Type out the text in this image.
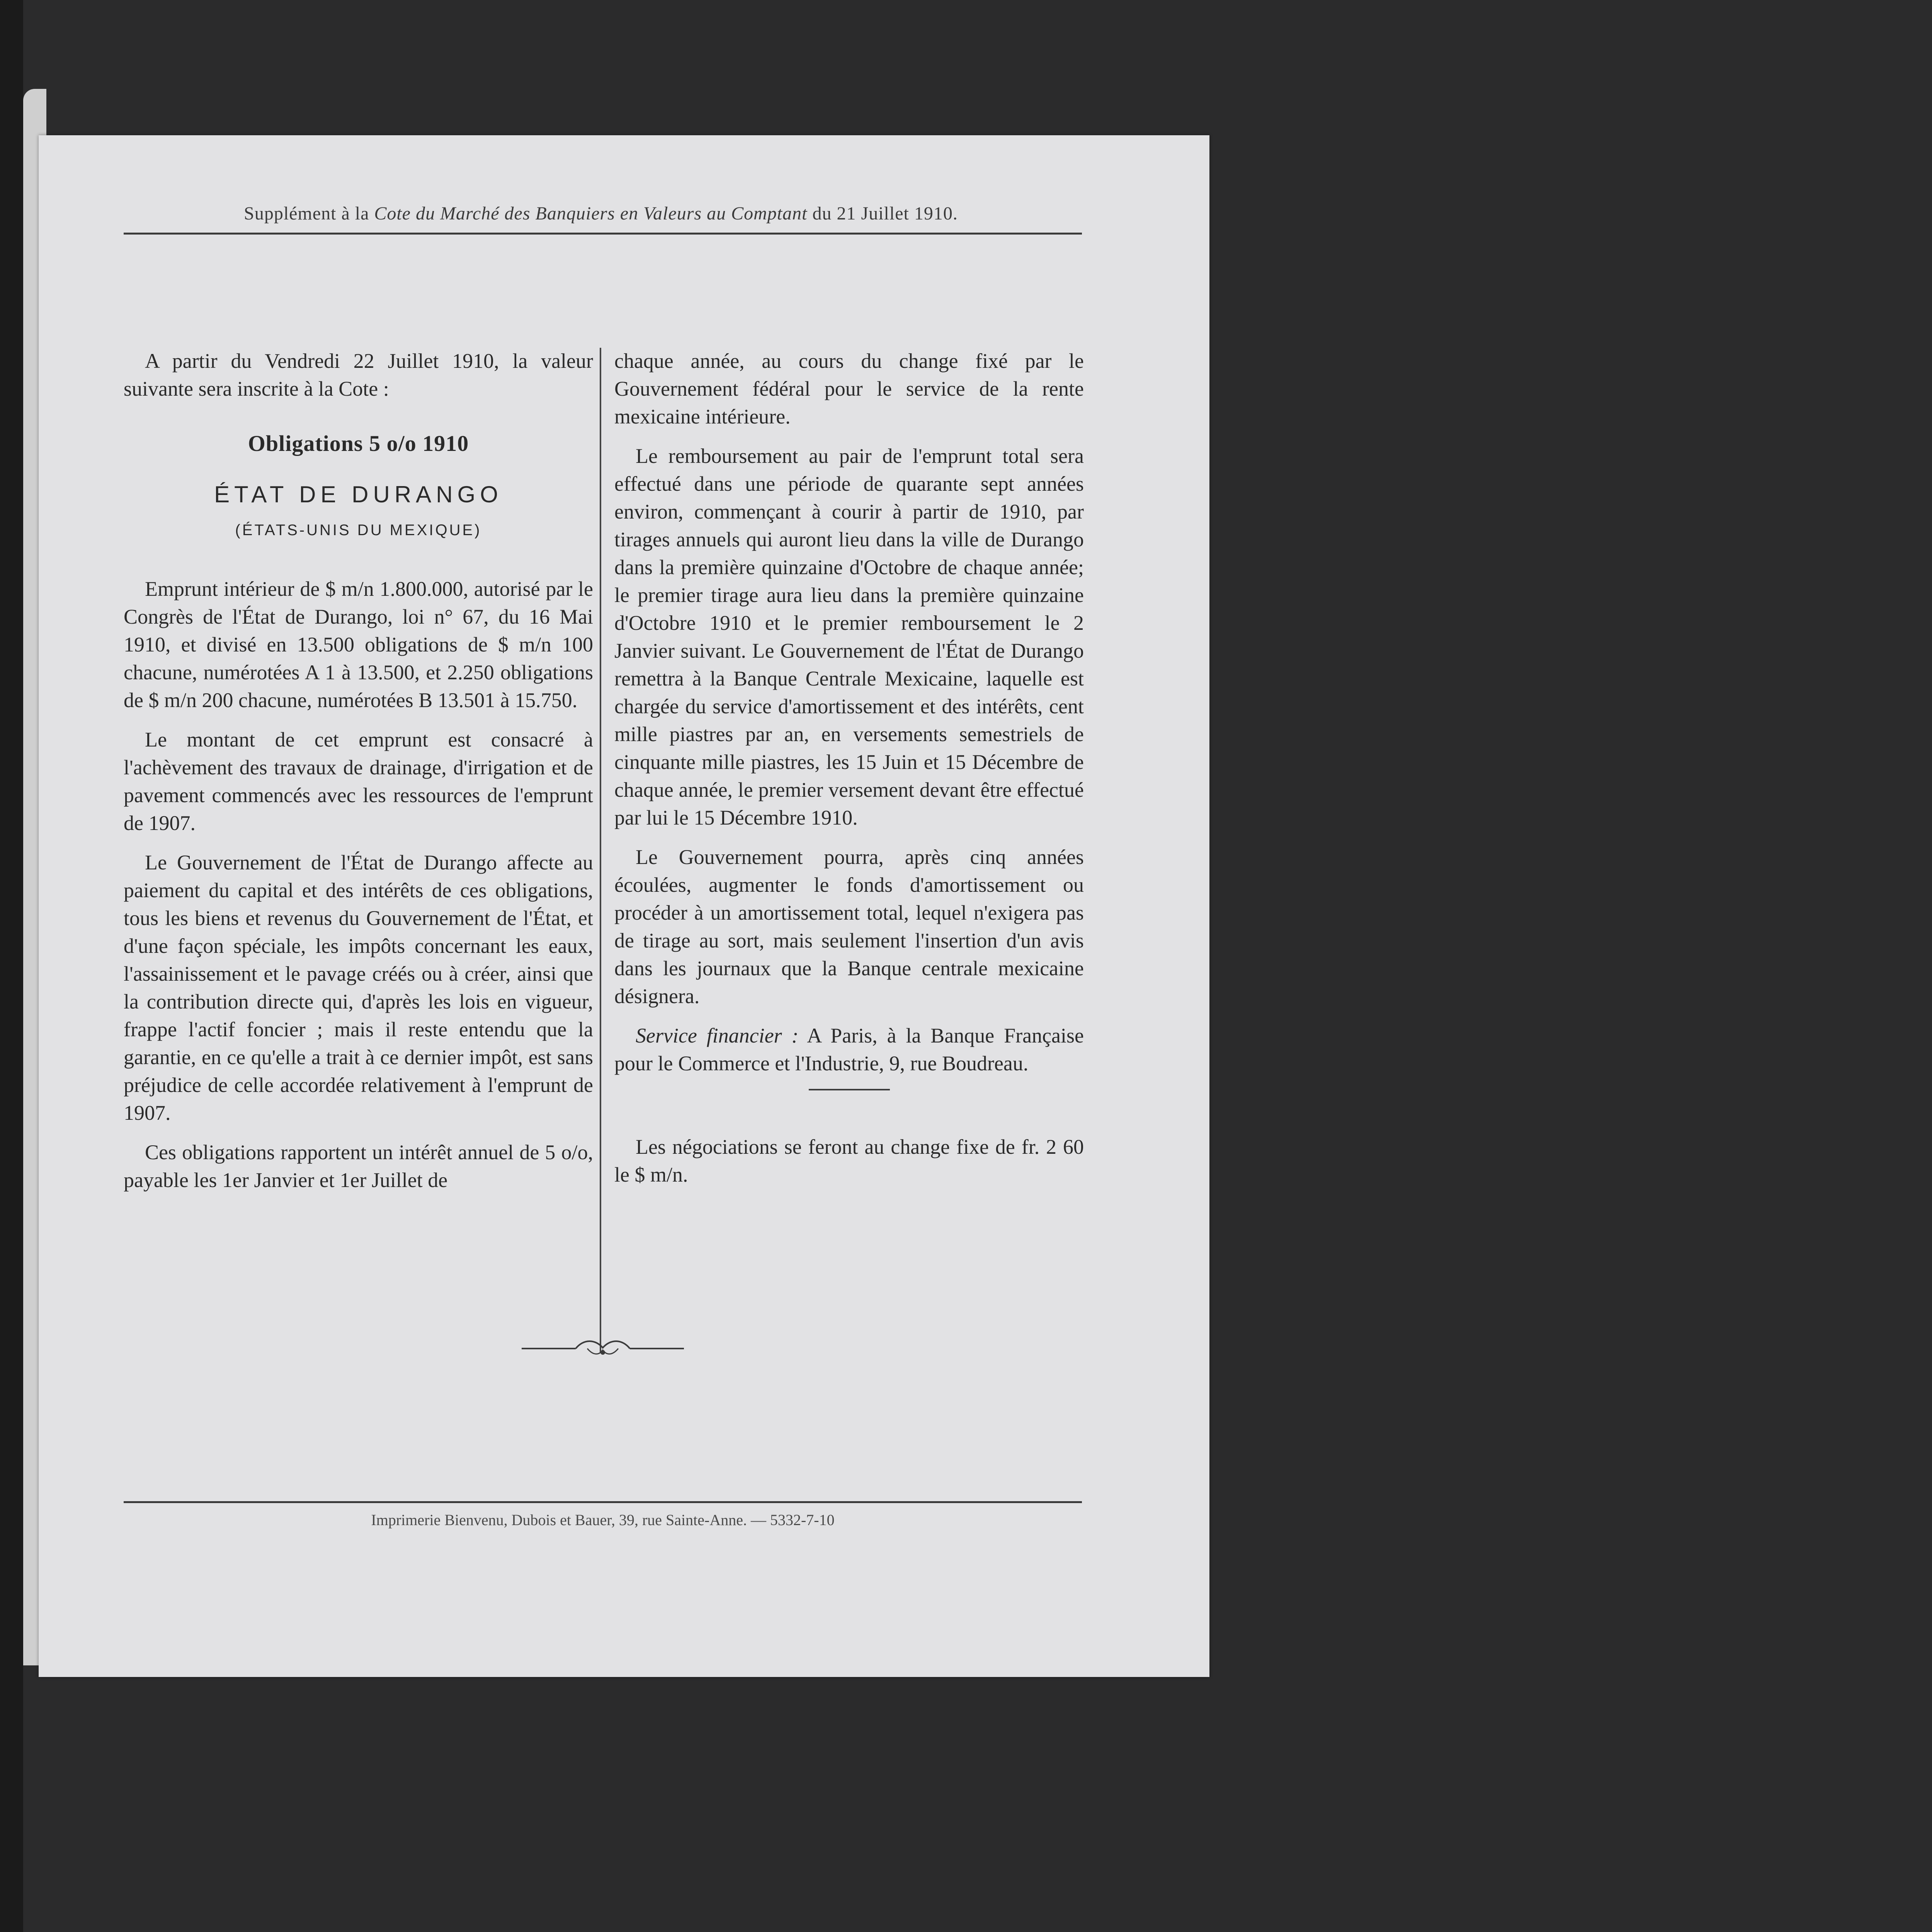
Supplément à la Cote du Marché des Banquiers en Valeurs au Comptant du 21 Juillet 1910.

A partir du Vendredi 22 Juillet 1910, la valeur suivante sera inscrite à la Cote :

Obligations 5 o/o 1910
ÉTAT DE DURANGO
(ÉTATS-UNIS DU MEXIQUE)

Emprunt intérieur de $ m/n 1.800.000, autorisé par le Congrès de l'État de Durango, loi n° 67, du 16 Mai 1910, et divisé en 13.500 obligations de $ m/n 100 chacune, numérotées A 1 à 13.500, et 2.250 obligations de $ m/n 200 chacune, numérotées B 13.501 à 15.750.

Le montant de cet emprunt est consacré à l'achèvement des travaux de drainage, d'irrigation et de pavement commencés avec les ressources de l'emprunt de 1907.

Le Gouvernement de l'État de Durango affecte au paiement du capital et des intérêts de ces obligations, tous les biens et revenus du Gouvernement de l'État, et d'une façon spéciale, les impôts concernant les eaux, l'assainissement et le pavage créés ou à créer, ainsi que la contribution directe qui, d'après les lois en vigueur, frappe l'actif foncier ; mais il reste entendu que la garantie, en ce qu'elle a trait à ce dernier impôt, est sans préjudice de celle accordée relativement à l'emprunt de 1907.

Ces obligations rapportent un intérêt annuel de 5 o/o, payable les 1er Janvier et 1er Juillet de

chaque année, au cours du change fixé par le Gouvernement fédéral pour le service de la rente mexicaine intérieure.

Le remboursement au pair de l'emprunt total sera effectué dans une période de quarante sept années environ, commençant à courir à partir de 1910, par tirages annuels qui auront lieu dans la ville de Durango dans la première quinzaine d'Octobre de chaque année; le premier tirage aura lieu dans la première quinzaine d'Octobre 1910 et le premier remboursement le 2 Janvier suivant. Le Gouvernement de l'État de Durango remettra à la Banque Centrale Mexicaine, laquelle est chargée du service d'amortissement et des intérêts, cent mille piastres par an, en versements semestriels de cinquante mille piastres, les 15 Juin et 15 Décembre de chaque année, le premier versement devant être effectué par lui le 15 Décembre 1910.

Le Gouvernement pourra, après cinq années écoulées, augmenter le fonds d'amortissement ou procéder à un amortissement total, lequel n'exigera pas de tirage au sort, mais seulement l'insertion d'un avis dans les journaux que la Banque centrale mexicaine désignera.

Service financier : A Paris, à la Banque Française pour le Commerce et l'Industrie, 9, rue Boudreau.

Les négociations se feront au change fixe de fr. 2 60 le $ m/n.

Imprimerie Bienvenu, Dubois et Bauer, 39, rue Sainte-Anne. — 5332-7-10
